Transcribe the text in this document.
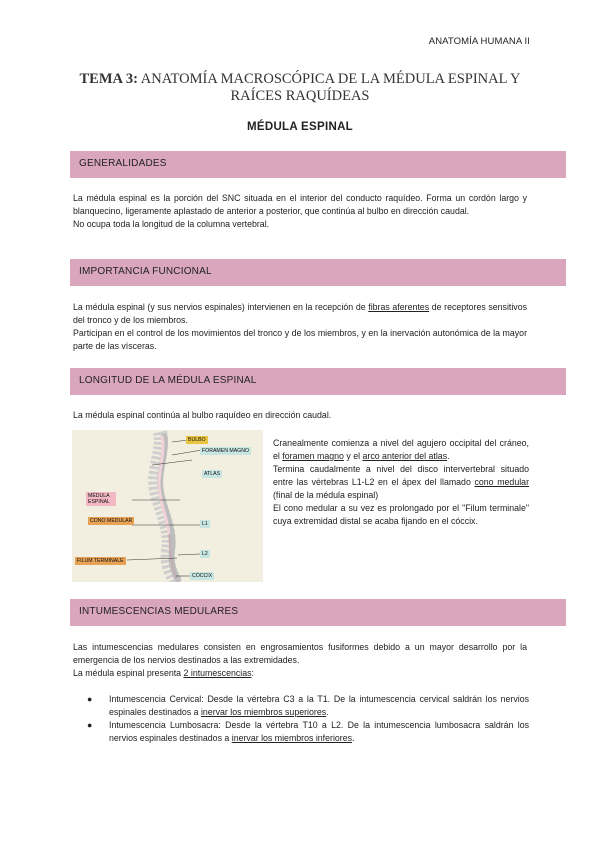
ANATOMÍA HUMANA II
TEMA 3: ANATOMÍA MACROSCÓPICA DE LA MÉDULA ESPINAL Y RAÍCES RAQUÍDEAS
MÉDULA ESPINAL
GENERALIDADES

La médula espinal es la porción del SNC situada en el interior del conducto raquídeo. Forma un cordón largo y blanquecino, ligeramente aplastado de anterior a posterior, que continúa al bulbo en dirección caudal.

No ocupa toda la longitud de la columna vertebral.

IMPORTANCIA FUNCIONAL

La médula espinal (y sus nervios espinales) intervienen en la recepción de fibras aferentes de receptores sensitivos del tronco y de los miembros.

Participan en el control de los movimientos del tronco y de los miembros, y en la inervación autonómica de la mayor parte de las vísceras.

LONGITUD DE LA MÉDULA ESPINAL
La médula espinal continúa al bulbo raquídeo en dirección caudal.
BULBO
FORAMEN MAGNO
ATLAS
MÉDULA ESPINAL
CONO MEDULAR	L1
L2
FILUM TERMINALE
CÓCCIX

Cranealmente comienza a nivel del agujero occipital del cráneo, el foramen magno y el arco anterior del atlas.

Termina caudalmente a nivel del disco intervertebral situado entre las vértebras L1-L2 en el ápex del llamado cono medular (final de la médula espinal)

El cono medular a su vez es prolongado por el "Filum terminale" cuya extremidad distal se acaba fijando en el cóccix.

INTUMESCENCIAS MEDULARES

Las intumescencias medulares consisten en engrosamientos fusiformes debido a un mayor desarrollo por la emergencia de los nervios destinados a las extremidades.

La médula espinal presenta 2 intumescencias:

● Intumescencia Cervical: Desde la vértebra C3 a la T1. De la intumescencia cervical saldrán los nervios espinales destinados a inervar los miembros superiores.
● Intumescencia Lumbosacra: Desde la vértebra T10 a L2. De la intumescencia lumbosacra saldrán los nervios espinales destinados a inervar los miembros inferiores.
